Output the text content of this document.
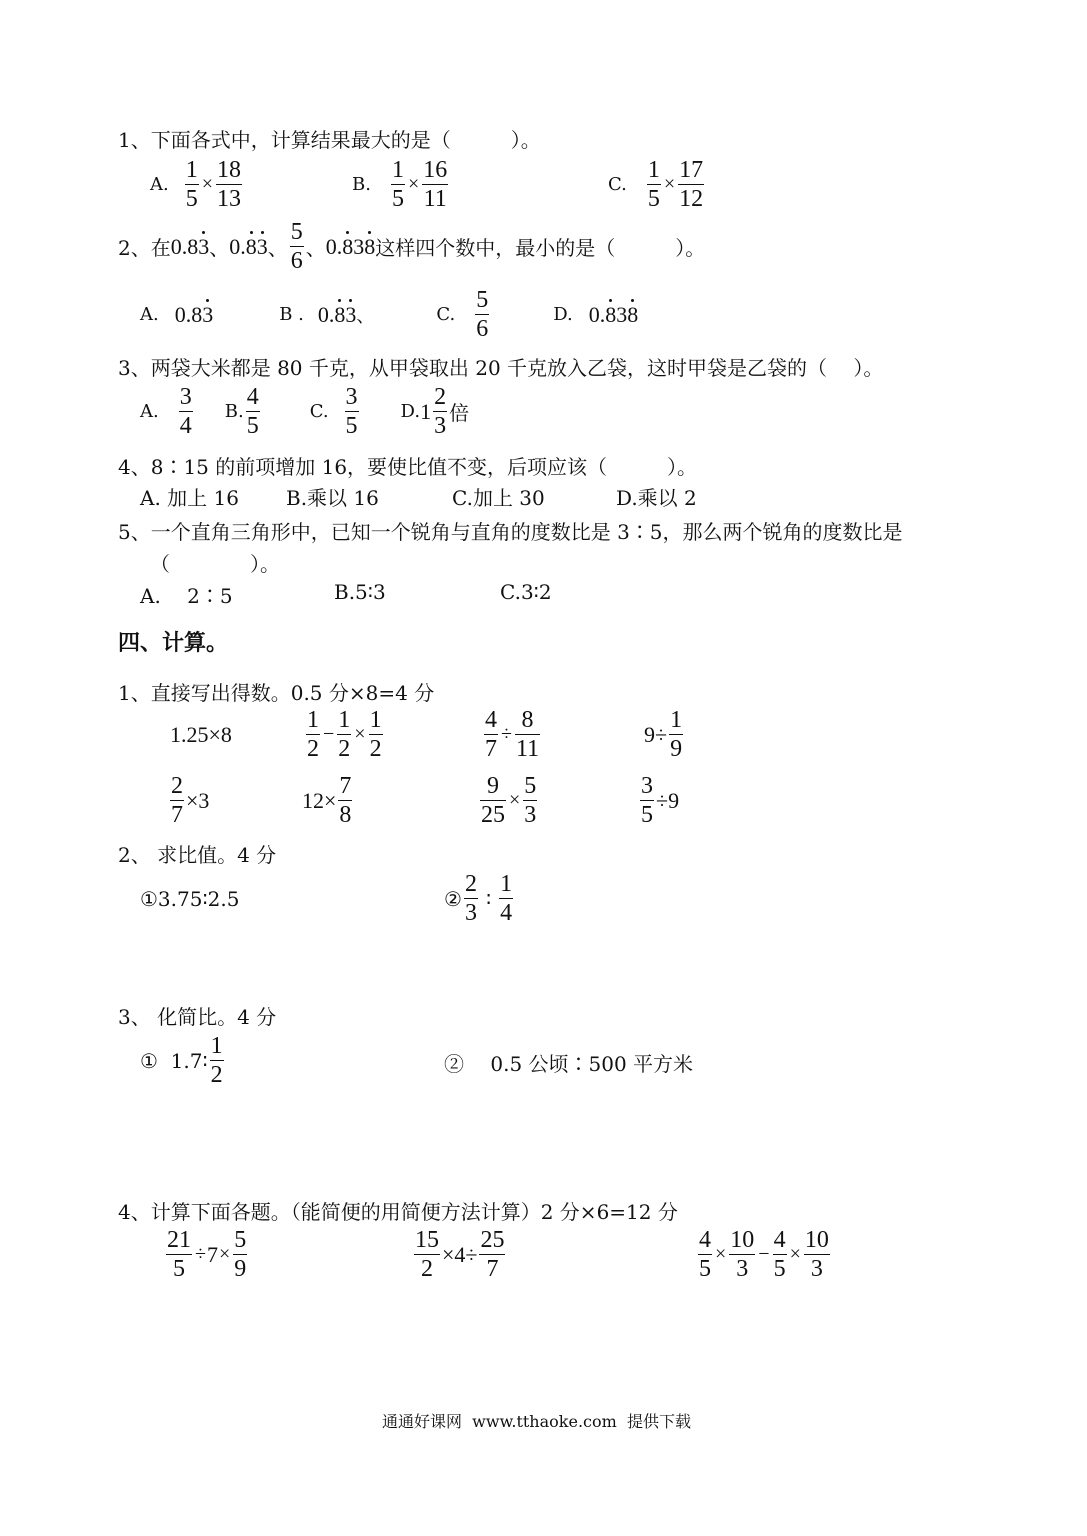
1、下面各式中，计算结果最大的是（　　　）。
A. $\frac{1}{5} \times \frac{18}{13}$	B. $\frac{1}{5} \times \frac{16}{11}$	C. $\frac{1}{5} \times \frac{17}{12}$
2、在 0.83 、 0.83 、 $\frac{5}{6}$ 、 0.838 这样四个数中，最小的是（　　　）。
A. 0.83	B . 0.83 、	C. $\frac{5}{6}$	D. 0.838
3、两袋大米都是 80 千克，从甲袋取出 20 千克放入乙袋，这时甲袋是乙袋的（　 ）。
A. $\frac{3}{4} B$. $\frac{4}{5}$	C. $\frac{3}{5} D$. $1 \frac{2}{3}$ 倍
4、8∶15 的前项增加 16，要使比值不变，后项应该（　　　）。
A. 加上 16 B.乘以 16	C.加上 30	D.乘以 2
5、一个直角三角形中，已知一个锐角与直角的度数比是 3∶5，那么两个锐角的度数比是
（　　　　）。
A.　 2∶5	B.5∶3	C.3∶2
四、计算。
1、直接写出得数。0.5 分×8=4 分
1.25×8	$\frac{1}{2} - \frac{1}{2} \times \frac{1}{2}$	$\frac{4}{7} \div \frac{8}{11}$	$9\div \frac{1}{9}$
$\frac{2}{7} \times 3$	$12\times \frac{7}{8}$	$\frac{9}{25} \times \frac{5}{3}$	$\frac{3}{5} \div 9$
2、 求比值。4 分
①3.75∶2.5	② $\frac{2}{3}$ ∶ $\frac{1}{4}$
3、 化简比。4 分
①  1.7∶ $\frac{1}{2}$	②　 0.5 公顷∶500 平方米
4、计算下面各题。（能简便的用简便方法计算）2 分×6=12 分
$\frac{21}{5} \div 7 \times \frac{5}{9}$	$\frac{15}{2} \times 4\div \frac{25}{7}$	$\frac{4}{5} \times \frac{10}{3} - \frac{4}{5} \times \frac{10}{3}$
通通好课网  www.tthaoke.com  提供下载
